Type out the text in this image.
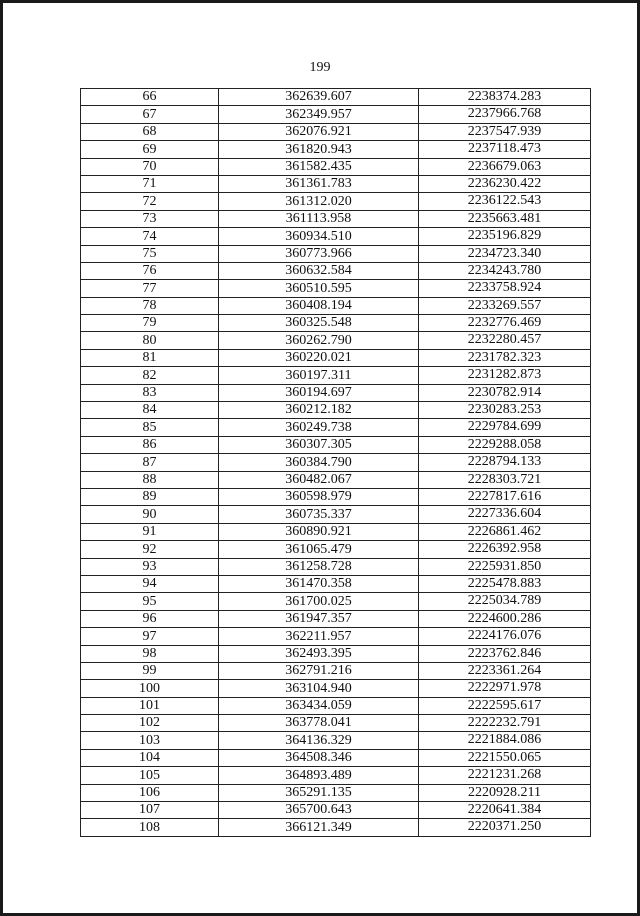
199
66	362639.607	2238374.283
67	362349.957	2237966.768
68	362076.921	2237547.939
69	361820.943	2237118.473
70	361582.435	2236679.063
71	361361.783	2236230.422
72	361312.020	2236122.543
73	361113.958	2235663.481
74	360934.510	2235196.829
75	360773.966	2234723.340
76	360632.584	2234243.780
77	360510.595	2233758.924
78	360408.194	2233269.557
79	360325.548	2232776.469
80	360262.790	2232280.457
81	360220.021	2231782.323
82	360197.311	2231282.873
83	360194.697	2230782.914
84	360212.182	2230283.253
85	360249.738	2229784.699
86	360307.305	2229288.058
87	360384.790	2228794.133
88	360482.067	2228303.721
89	360598.979	2227817.616
90	360735.337	2227336.604
91	360890.921	2226861.462
92	361065.479	2226392.958
93	361258.728	2225931.850
94	361470.358	2225478.883
95	361700.025	2225034.789
96	361947.357	2224600.286
97	362211.957	2224176.076
98	362493.395	2223762.846
99	362791.216	2223361.264
100	363104.940	2222971.978
101	363434.059	2222595.617
102	363778.041	2222232.791
103	364136.329	2221884.086
104	364508.346	2221550.065
105	364893.489	2221231.268
106	365291.135	2220928.211
107	365700.643	2220641.384
108	366121.349	2220371.250
